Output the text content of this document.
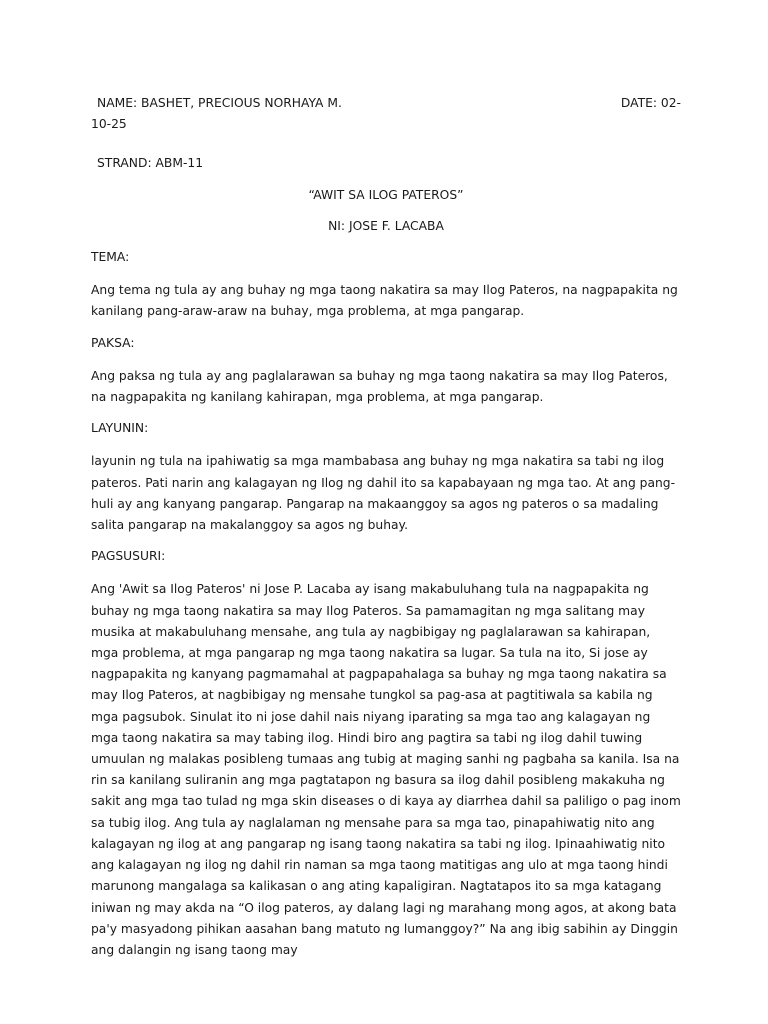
NAME: BASHET, PRECIOUS NORHAYA M.	DATE: 02-

10-25

STRAND: ABM-11

“AWIT SA ILOG PATEROS”

NI: JOSE F. LACABA

TEMA:

Ang tema ng tula ay ang buhay ng mga taong nakatira sa may Ilog Pateros, na nagpapakita ng kanilang pang-araw-araw na buhay, mga problema, at mga pangarap.

PAKSA:

Ang paksa ng tula ay ang paglalarawan sa buhay ng mga taong nakatira sa may Ilog Pateros, na nagpapakita ng kanilang kahirapan, mga problema, at mga pangarap.

LAYUNIN:

layunin ng tula na ipahiwatig sa mga mambabasa ang buhay ng mga nakatira sa tabi ng ilog pateros. Pati narin ang kalagayan ng Ilog ng dahil ito sa kapabayaan ng mga tao. At ang pang-huli ay ang kanyang pangarap. Pangarap na makaanggoy sa agos ng pateros o sa madaling salita pangarap na makalanggoy sa agos ng buhay.

PAGSUSURI:

Ang 'Awit sa Ilog Pateros' ni Jose P. Lacaba ay isang makabuluhang tula na nagpapakita ng buhay ng mga taong nakatira sa may Ilog Pateros. Sa pamamagitan ng mga salitang may musika at makabuluhang mensahe, ang tula ay nagbibigay ng paglalarawan sa kahirapan, mga problema, at mga pangarap ng mga taong nakatira sa lugar. Sa tula na ito, Si jose ay nagpapakita ng kanyang pagmamahal at pagpapahalaga sa buhay ng mga taong nakatira sa may Ilog Pateros, at nagbibigay ng mensahe tungkol sa pag-asa at pagtitiwala sa kabila ng mga pagsubok. Sinulat ito ni jose dahil nais niyang iparating sa mga tao ang kalagayan ng mga taong nakatira sa may tabing ilog. Hindi biro ang pagtira sa tabi ng ilog dahil tuwing umuulan ng malakas posibleng tumaas ang tubig at maging sanhi ng pagbaha sa kanila. Isa na rin sa kanilang suliranin ang mga pagtatapon ng basura sa ilog dahil posibleng makakuha ng sakit ang mga tao tulad ng mga skin diseases o di kaya ay diarrhea dahil sa paliligo o pag inom sa tubig ilog. Ang tula ay naglalaman ng mensahe para sa mga tao, pinapahiwatig nito ang kalagayan ng ilog at ang pangarap ng isang taong nakatira sa tabi ng ilog. Ipinaahiwatig nito ang kalagayan ng ilog ng dahil rin naman sa mga taong matitigas ang ulo at mga taong hindi marunong mangalaga sa kalikasan o ang ating kapaligiran. Nagtatapos ito sa mga katagang iniwan ng may akda na “O ilog pateros, ay dalang lagi ng marahang mong agos, at akong bata pa'y masyadong pihikan aasahan bang matuto ng lumanggoy?” Na ang ibig sabihin ay Dinggin ang dalangin ng isang taong may
